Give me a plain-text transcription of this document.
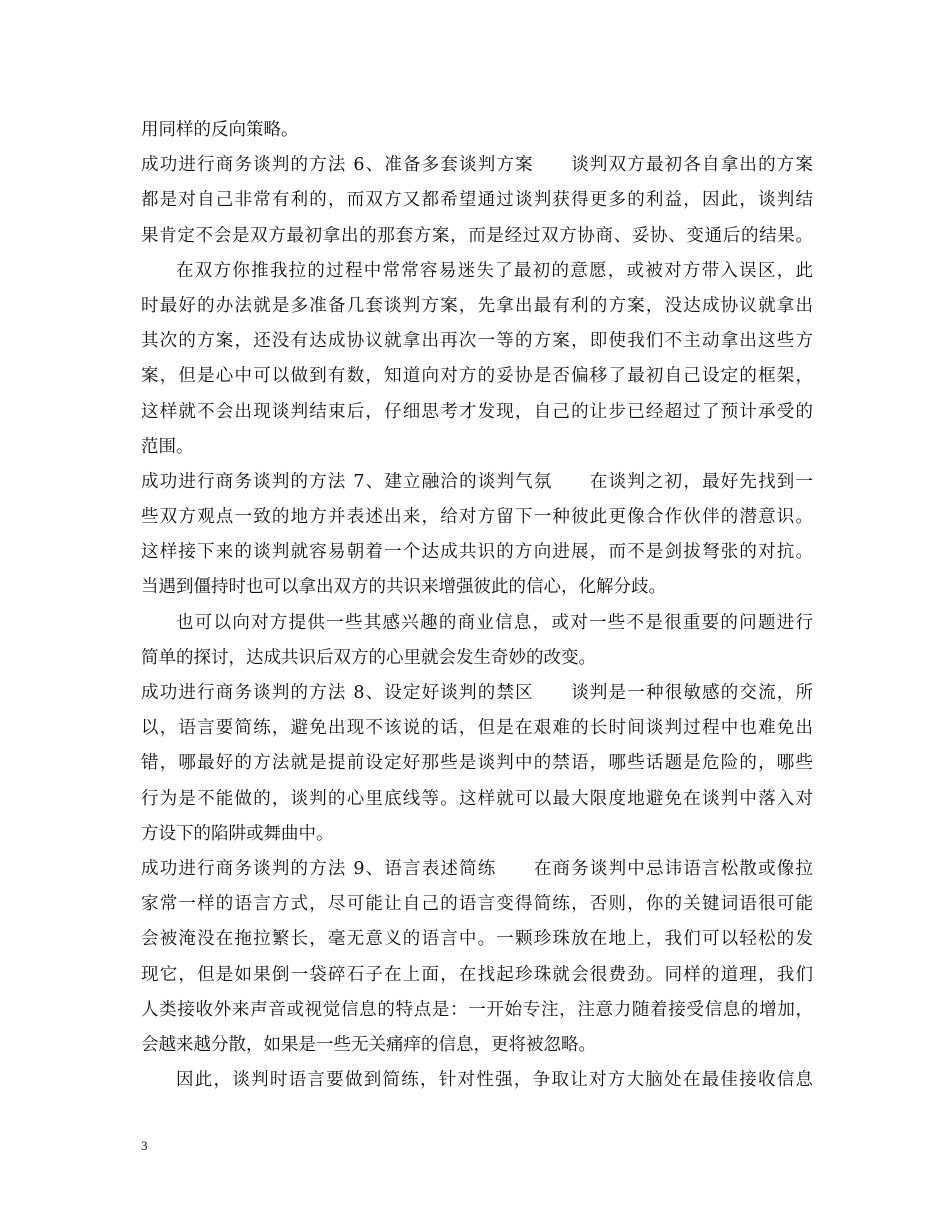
用同样的反向策略。
成功进行商务谈判的方法 6、准备多套谈判方案　　谈判双方最初各自拿出的方案
都是对自己非常有利的，而双方又都希望通过谈判获得更多的利益，因此，谈判结
果肯定不会是双方最初拿出的那套方案，而是经过双方协商、妥协、变通后的结果。
在双方你推我拉的过程中常常容易迷失了最初的意愿，或被对方带入误区，此
时最好的办法就是多准备几套谈判方案，先拿出最有利的方案，没达成协议就拿出
其次的方案，还没有达成协议就拿出再次一等的方案，即使我们不主动拿出这些方
案，但是心中可以做到有数，知道向对方的妥协是否偏移了最初自己设定的框架，
这样就不会出现谈判结束后，仔细思考才发现，自己的让步已经超过了预计承受的
范围。
成功进行商务谈判的方法 7、建立融洽的谈判气氛　　在谈判之初，最好先找到一
些双方观点一致的地方并表述出来，给对方留下一种彼此更像合作伙伴的潜意识。
这样接下来的谈判就容易朝着一个达成共识的方向进展，而不是剑拔弩张的对抗。
当遇到僵持时也可以拿出双方的共识来增强彼此的信心，化解分歧。
也可以向对方提供一些其感兴趣的商业信息，或对一些不是很重要的问题进行
简单的探讨，达成共识后双方的心里就会发生奇妙的改变。
成功进行商务谈判的方法 8、设定好谈判的禁区　　谈判是一种很敏感的交流，所
以，语言要简练，避免出现不该说的话，但是在艰难的长时间谈判过程中也难免出
错，哪最好的方法就是提前设定好那些是谈判中的禁语，哪些话题是危险的，哪些
行为是不能做的，谈判的心里底线等。这样就可以最大限度地避免在谈判中落入对
方设下的陷阱或舞曲中。
成功进行商务谈判的方法 9、语言表述简练　　在商务谈判中忌讳语言松散或像拉
家常一样的语言方式，尽可能让自己的语言变得简练，否则，你的关键词语很可能
会被淹没在拖拉繁长，毫无意义的语言中。一颗珍珠放在地上，我们可以轻松的发
现它，但是如果倒一袋碎石子在上面，在找起珍珠就会很费劲。同样的道理，我们
人类接收外来声音或视觉信息的特点是：一开始专注，注意力随着接受信息的增加，
会越来越分散，如果是一些无关痛痒的信息，更将被忽略。
因此，谈判时语言要做到简练，针对性强，争取让对方大脑处在最佳接收信息
3
